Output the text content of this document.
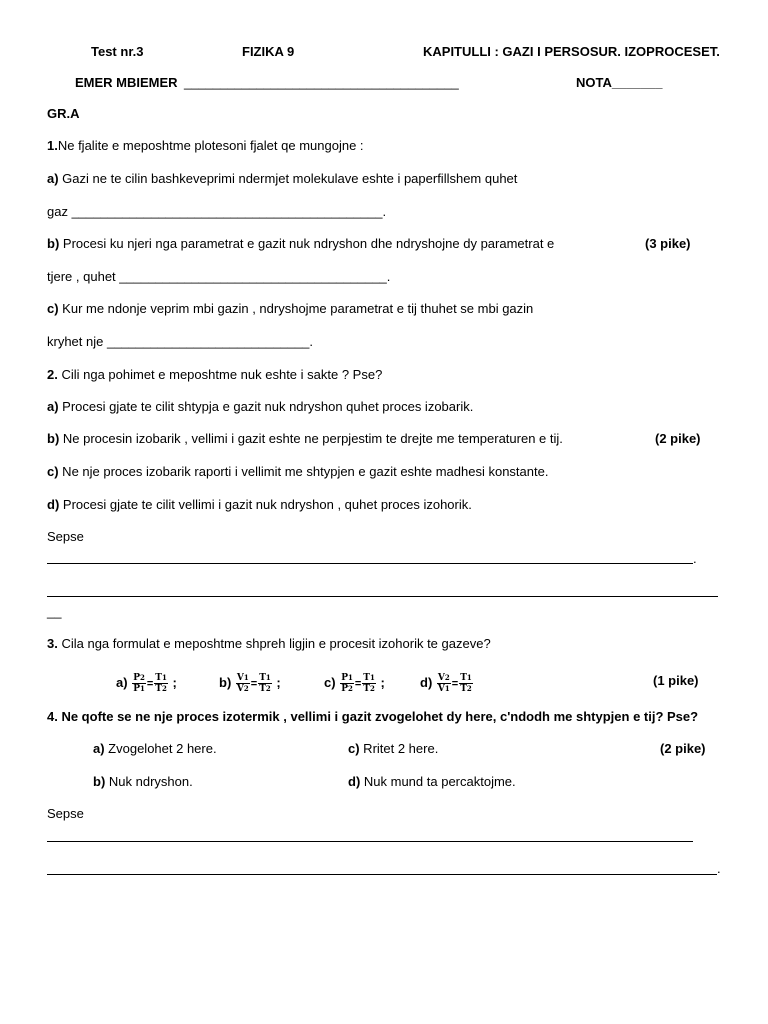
Test nr.3	FIZIKA 9	KAPITULLI : GAZI I PERSOSUR. IZOPROCESET.
EMER MBIEMER ______________________________________	NOTA_______
GR.A
1.Ne fjalite e meposhtme plotesoni fjalet qe mungojne :
a) Gazi ne te cilin bashkeveprimi ndermjet molekulave eshte i paperfillshem quhet
gaz ___________________________________________.
b) Procesi ku njeri nga parametrat e gazit nuk ndryshon dhe ndryshojne dy parametrat e	(3 pike)
tjere , quhet _____________________________________.
c) Kur me ndonje veprim mbi gazin , ndryshojme parametrat e tij thuhet se mbi gazin
kryhet nje ____________________________.
2. Cili nga pohimet e meposhtme nuk eshte i sakte ? Pse?
a) Procesi gjate te cilit shtypja e gazit nuk ndryshon quhet proces izobarik.
b) Ne procesin izobarik , vellimi i gazit eshte ne perpjestim te drejte me temperaturen e tij.	(2 pike)
c) Ne nje proces izobarik raporti i vellimit me shtypjen e gazit eshte madhesi konstante.
d) Procesi gjate te cilit vellimi i gazit nuk ndryshon , quhet proces izohorik.
Sepse
.
__
3. Cila nga formulat e meposhtme shpreh ligjin e procesit izohorik te gazeve?
$a) \frac{P2}{P1} = \frac{T1}{T2}$ ;	$b) \frac{V1}{V2} = \frac{T1}{T2}$ ;	$c) \frac{P1}{P2} = \frac{T1}{T2}$ ;	$d) \frac{V2}{V1} = \frac{T1}{T2}$	(1 pike)
4. Ne qofte se ne nje proces izotermik , vellimi i gazit zvogelohet dy here, c'ndodh me shtypjen e tij? Pse?
a) Zvogelohet 2 here.	c) Rritet 2 here.	(2 pike)
b) Nuk ndryshon.	d) Nuk mund ta percaktojme.
Sepse
.
